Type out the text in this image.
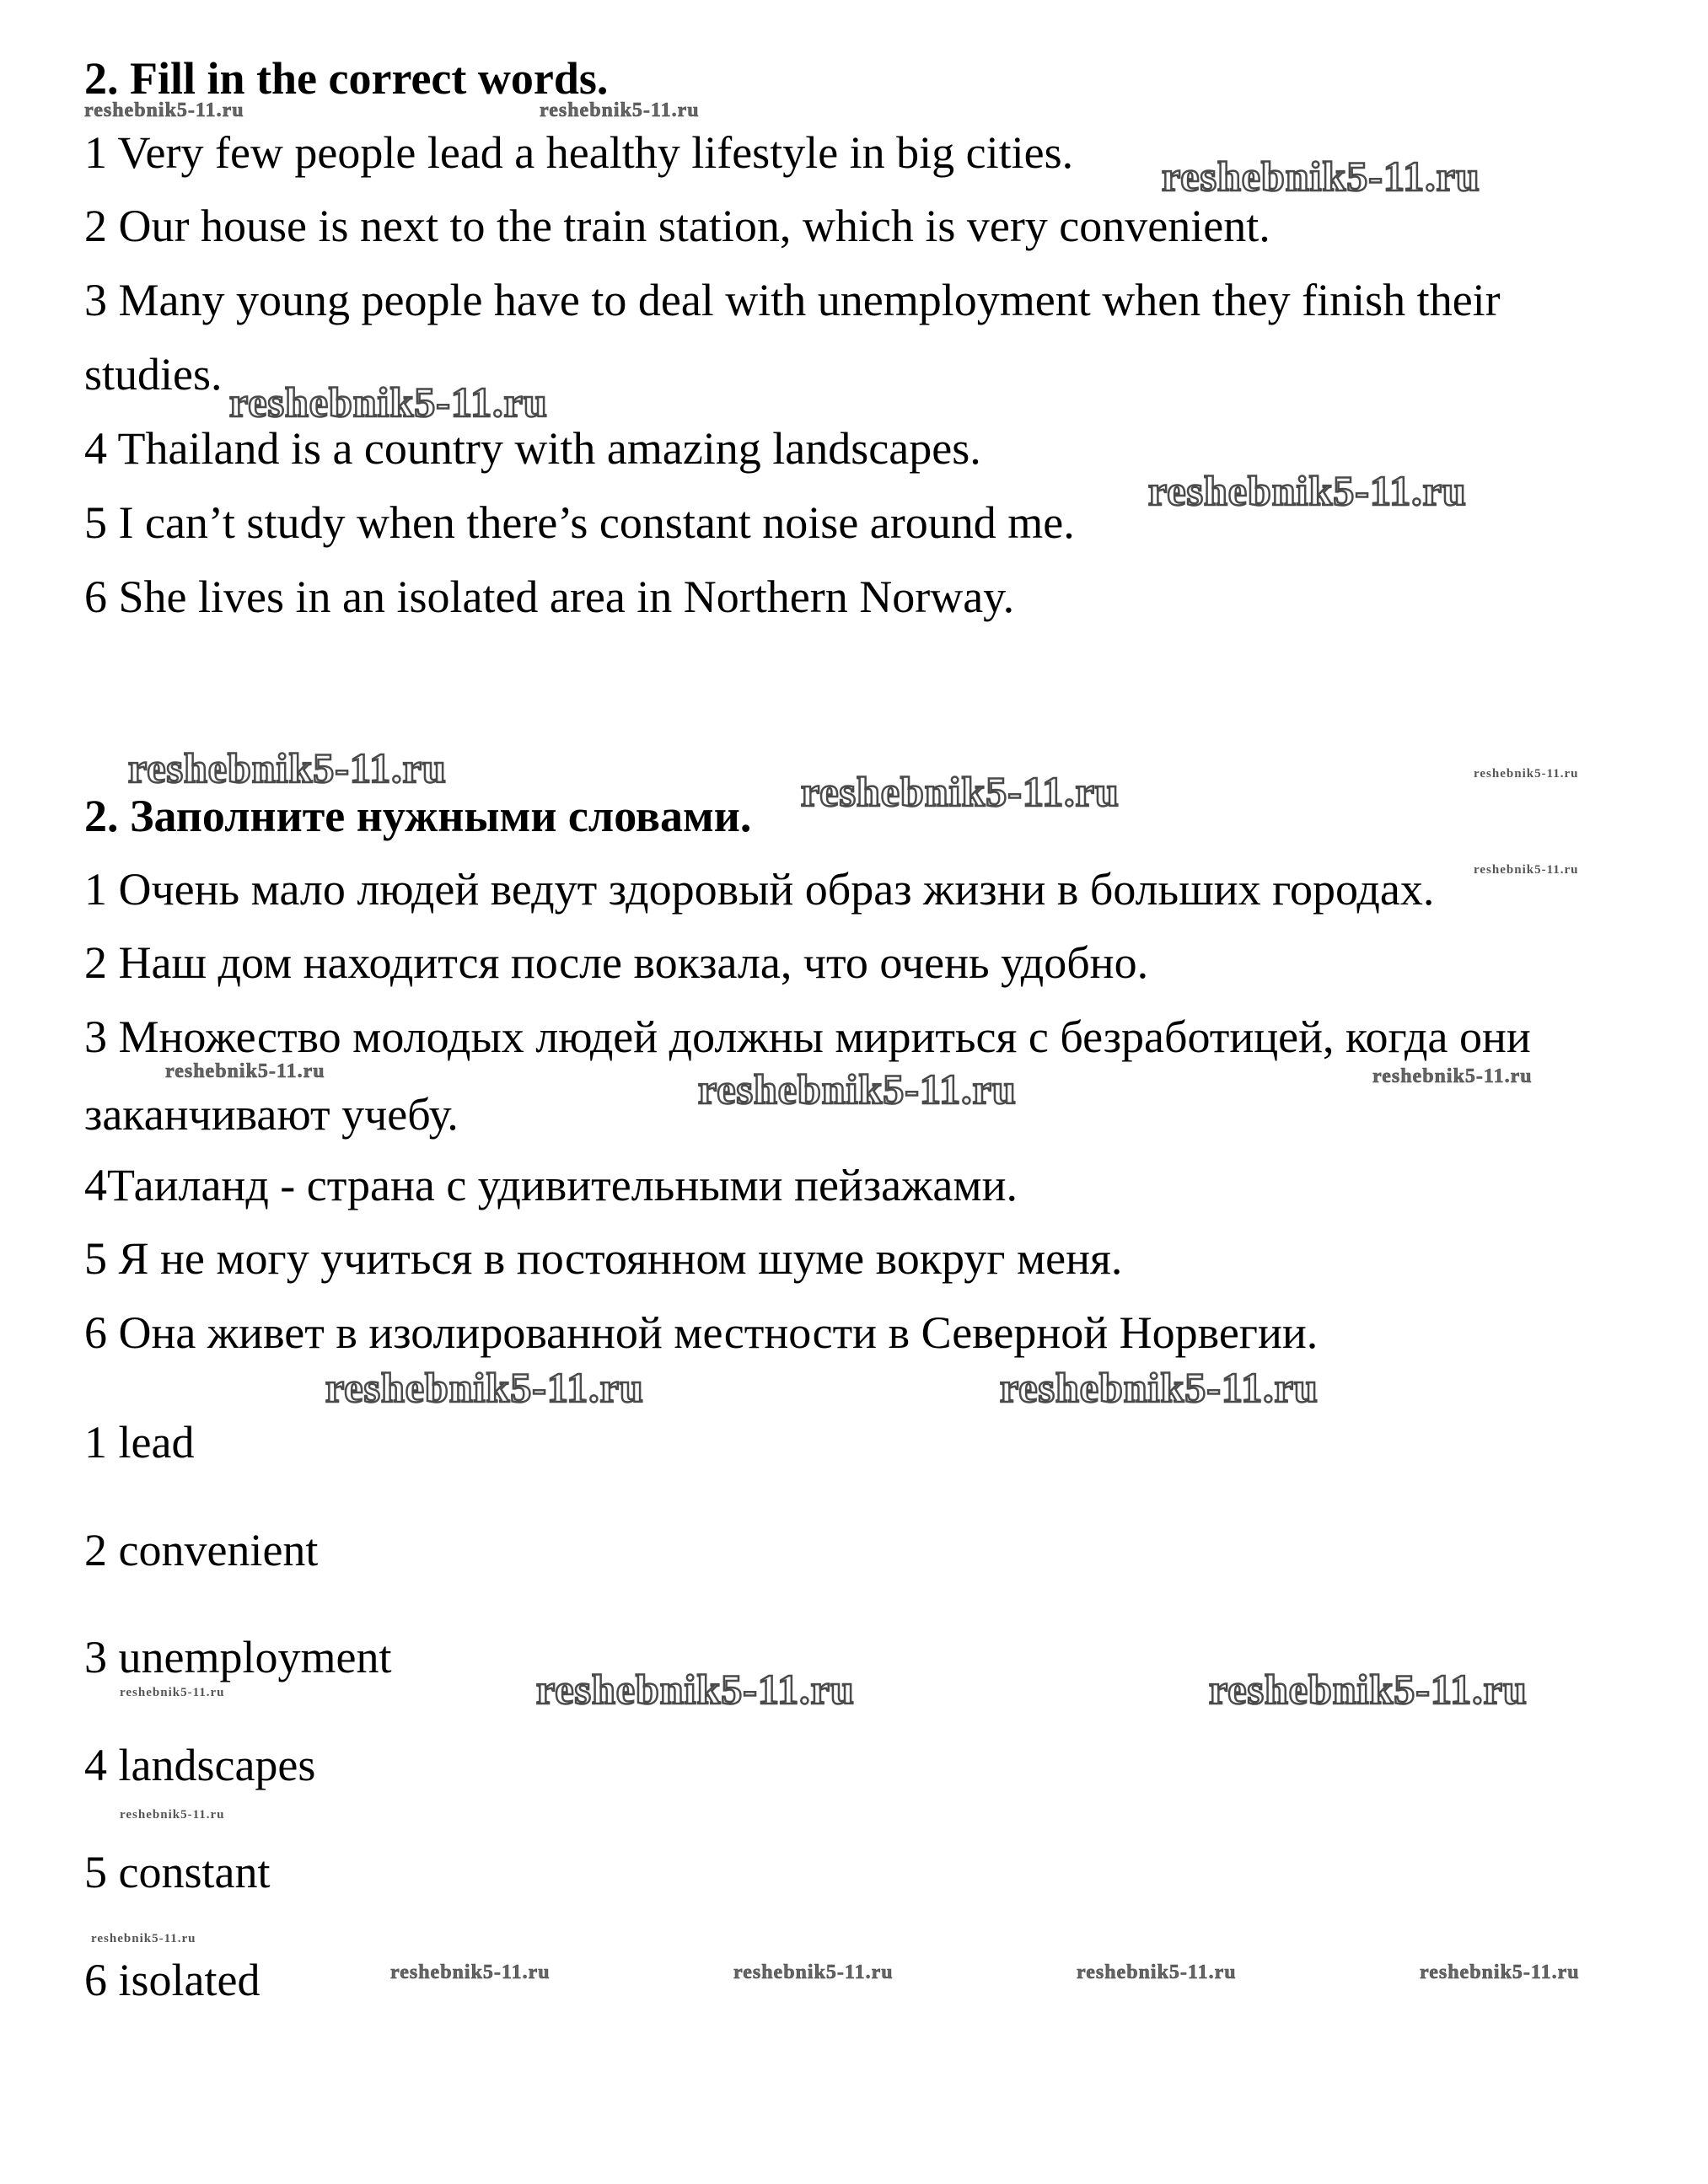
2. Fill in the correct words.
1 Very few people lead a healthy lifestyle in big cities.
2 Our house is next to the train station, which is very convenient.
3 Many young people have to deal with unemployment when they finish their
studies.
4 Thailand is a country with amazing landscapes.
5 I can’t study when there’s constant noise around me.
6 She lives in an isolated area in Northern Norway.
2. Заполните нужными словами.
1 Очень мало людей ведут здоровый образ жизни в больших городах.
2 Наш дом находится после вокзала, что очень удобно.
3 Множество молодых людей должны мириться с безработицей, когда они
заканчивают учебу.
4Таиланд - страна с удивительными пейзажами.
5 Я не могу учиться в постоянном шуме вокруг меня.
6 Она живет в изолированной местности в Северной Норвегии.
1 lead
2 convenient
3 unemployment
4 landscapes
5 constant
6 isolated
reshebnik5-11.ru	reshebnik5-11.ru
reshebnik5-11.ru
reshebnik5-11.ru
reshebnik5-11.ru
reshebnik5-11.ru	reshebnik5-11.ru	reshebnik5-11.ru
reshebnik5-11.ru
reshebnik5-11.ru	reshebnik5-11.ru	reshebnik5-11.ru
reshebnik5-11.ru	reshebnik5-11.ru
reshebnik5-11.ru	reshebnik5-11.ru
reshebnik5-11.ru
reshebnik5-11.ru
reshebnik5-11.ru
reshebnik5-11.ru	reshebnik5-11.ru	reshebnik5-11.ru	reshebnik5-11.ru
